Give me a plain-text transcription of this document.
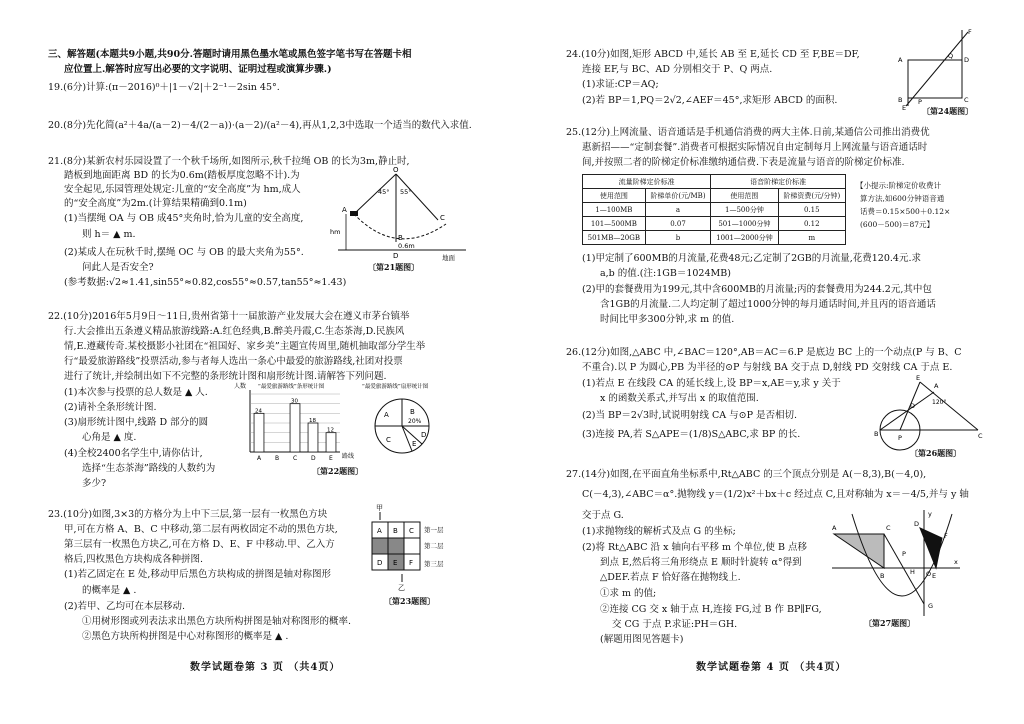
三、解答题(本题共9小题,共90分.答题时请用黑色墨水笔或黑色签字笔书写在答题卡相
应位置上.解答时应写出必要的文字说明、证明过程或演算步骤.)
19.(6分)计算:(π－2016)⁰＋|1－√2|＋2⁻¹－2sin 45°.
20.(8分)先化简(a²＋4a/(a－2)－4/(2－a))·(a－2)/(a²－4),再从1,2,3中选取一个适当的数代入求值.
21.(8分)某新农村乐园设置了一个秋千场所,如图所示,秋千拉绳 OB 的长为3m,静止时,
踏板到地面距离 BD 的长为0.6m(踏板厚度忽略不计).为
安全起见,乐园管理处规定:儿童的“安全高度”为 hm,成人
的“安全高度”为2m.(计算结果精确到0.1m)
(1)当摆绳 OA 与 OB 成45°夹角时,恰为儿童的安全高度,
则 h＝ ▲ m.
(2)某成人在玩秋千时,摆绳 OC 与 OB 的最大夹角为55°.
问此人是否安全?
(参考数据:√2≈1.41,sin55°≈0.82,cos55°≈0.57,tan55°≈1.43)
O
A
B
C
D
45° 55°
hm
0.6m
地面
〔第21题图〕
22.(10分)2016年5月9日～11日,贵州省第十一届旅游产业发展大会在遵义市茅台镇举
行.大会推出五条遵义精品旅游线路:A.红色经典,B.醉美丹霞,C.生态茶海,D.民族风
情,E.遵藏传奇.某校摄影小社团在“祖国好、家乡美”主题宣传周里,随机抽取部分学生举
行“最爱旅游路线”投票活动,参与者每人选出一条心中最爱的旅游路线,社团对投票
进行了统计,并绘制出如下不完整的条形统计图和扇形统计图.请解答下列问题.
(1)本次参与投票的总人数是 ▲ 人.
(2)请补全条形统计图.
(3)扇形统计图中,线路 D 部分的圆
心角是 ▲ 度.
(4)全校2400名学生中,请你估计,
选择“生态茶海”路线的人数约为
多少?
“最爱旅游路线”条形统计图
人数
路线
24
30
18
12
A B C D E
“最爱旅游路线”扇形统计图
A	B
20%
C
D
E
〔第22题图〕
23.(10分)如图,3×3的方格分为上中下三层,第一层有一枚黑色方块
甲,可在方格 A、B、C 中移动,第二层有两枚固定不动的黑色方块,
第三层有一枚黑色方块乙,可在方格 D、E、F 中移动.甲、乙入方
格后,四枚黑色方块构成各种拼图.
(1)若乙固定在 E 处,移动甲后黑色方块构成的拼图是轴对称图形
的概率是 ▲ .
(2)若甲、乙均可在本层移动.
①用树形图或列表法求出黑色方块所构拼图是轴对称图形的概率.
②黑色方块所构拼图是中心对称图形的概率是 ▲ .
甲
A B C
D E F
乙
第一层
第二层
第三层
〔第23题图〕
数学试题卷第 3 页 （共4页）
24.(10分)如图,矩形 ABCD 中,延长 AB 至 E,延长 CD 至 F,BE＝DF,
连接 EF,与 BC、AD 分别相交于 P、Q 两点.
(1)求证:CP＝AQ;
(2)若 BP＝1,PQ＝2√2,∠AEF＝45°,求矩形 ABCD 的面积.
A
B	C
D
E
F
P
Q
〔第24题图〕
25.(12分)上网流量、语音通话是手机通信消费的两大主体.日前,某通信公司推出消费优
惠新招——“定制套餐”.消费者可根据实际情况自由定制每月上网流量与语音通话时
间,并按照二者的阶梯定价标准缴纳通信费.下表是流量与语音的阶梯定价标准.
流量阶梯定价标准		语音阶梯定价标准	
使用范围	阶梯单价(元/MB)	使用范围	阶梯资费(元/分钟)
1—100MB	a	1—500分钟	0.15
101—500MB	0.07	501—1000分钟	0.12
501MB—20GB	b	1001—2000分钟	m
【小提示:阶梯定价收费计
算方法,如600分钟语音通
话费＝0.15×500＋0.12×
(600－500)＝87元】
(1)甲定制了600MB的月流量,花费48元;乙定制了2GB的月流量,花费120.4元.求
a,b 的值.(注:1GB＝1024MB)
(2)甲的套餐费用为199元,其中含600MB的月流量;丙的套餐费用为244.2元,其中包
含1GB的月流量.二人均定制了超过1000分钟的每月通话时间,并且丙的语音通话
时间比甲多300分钟,求 m 的值.
26.(12分)如图,△ABC 中,∠BAC＝120°,AB＝AC＝6.P 是底边 BC 上的一个动点(P 与 B、C
不重合).以 P 为圆心,PB 为半径的⊙P 与射线 BA 交于点 D,射线 PD 交射线 CA 于点 E.
(1)若点 E 在线段 CA 的延长线上,设 BP＝x,AE＝y,求 y 关于
x 的函数关系式,并写出 x 的取值范围.
(2)当 BP＝2√3时,试说明射线 CA 与⊙P 是否相切.
(3)连接 PA,若 S△APE＝(1/8)S△ABC,求 BP 的长.
A
E
D
B	P	C
120°
〔第26题图〕
27.(14分)如图,在平面直角坐标系中,Rt△ABC 的三个顶点分别是 A(－8,3),B(－4,0),
C(－4,3),∠ABC＝α°.抛物线 y＝(1/2)x²＋bx＋c 经过点 C,且对称轴为 x＝－4/5,并与 y 轴
交于点 G.
(1)求抛物线的解析式及点 G 的坐标;
(2)将 Rt△ABC 沿 x 轴向右平移 m 个单位,使 B 点移
到点 E,然后将三角形绕点 E 顺时针旋转 α°得到
△DEF.若点 F 恰好落在抛物线上.
①求 m 的值;
②连接 CG 交 x 轴于点 H,连接 FG,过 B 作 BP∥FG,
交 CG 于点 P.求证:PH＝GH.
(解题用图见答题卡)
y
x
O
A	C
B
P
H
G
D
F
E
〔第27题图〕
数学试题卷第 4 页 （共4页）
